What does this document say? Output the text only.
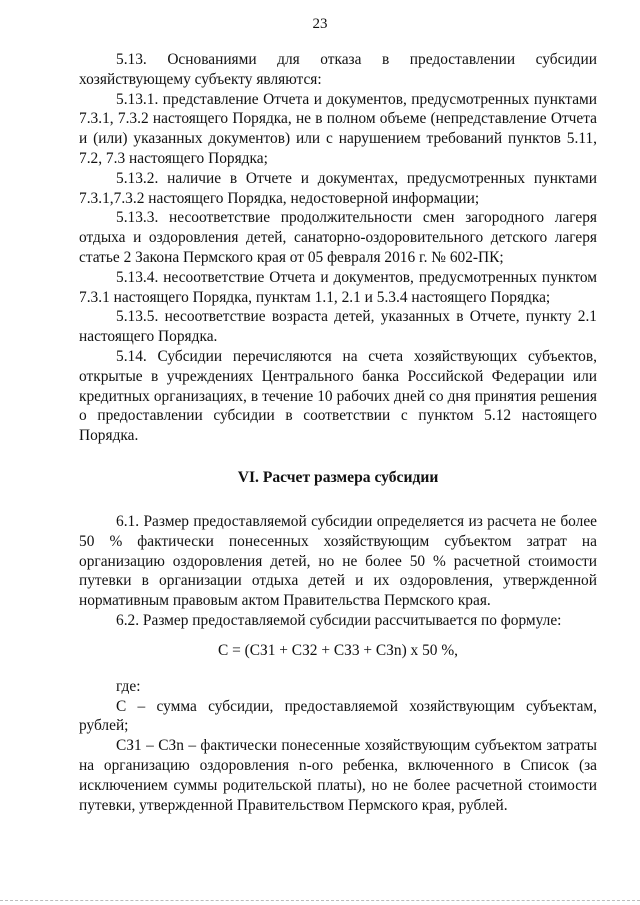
23

5.13. Основаниями для отказа в предоставлении субсидии хозяйствующему субъекту являются:

5.13.1. представление Отчета и документов, предусмотренных пунктами 7.3.1, 7.3.2 настоящего Порядка, не в полном объеме (непредставление Отчета и (или) указанных документов) или с нарушением требований пунктов 5.11, 7.2, 7.3 настоящего Порядка;

5.13.2. наличие в Отчете и документах, предусмотренных пунктами 7.3.1,7.3.2 настоящего Порядка, недостоверной информации;

5.13.3. несоответствие продолжительности смен загородного лагеря отдыха и оздоровления детей, санаторно-оздоровительного детского лагеря статье 2 Закона Пермского края от 05 февраля 2016 г. № 602-ПК;

5.13.4. несоответствие Отчета и документов, предусмотренных пунктом 7.3.1 настоящего Порядка, пунктам 1.1, 2.1 и 5.3.4 настоящего Порядка;

5.13.5. несоответствие возраста детей, указанных в Отчете, пункту 2.1 настоящего Порядка.

5.14. Субсидии перечисляются на счета хозяйствующих субъектов, открытые в учреждениях Центрального банка Российской Федерации или кредитных организациях, в течение 10 рабочих дней со дня принятия решения о предоставлении субсидии в соответствии с пунктом 5.12 настоящего Порядка.

VI. Расчет размера субсидии

6.1. Размер предоставляемой субсидии определяется из расчета не более 50 % фактически понесенных хозяйствующим субъектом затрат на организацию оздоровления детей, но не более 50 % расчетной стоимости путевки в организации отдыха детей и их оздоровления, утвержденной нормативным правовым актом Правительства Пермского края.

6.2. Размер предоставляемой субсидии рассчитывается по формуле:

С = (СЗ1 + СЗ2 + СЗ3 + СЗn) х 50 %,
где:

С – сумма субсидии, предоставляемой хозяйствующим субъектам, рублей;

СЗ1 – СЗn – фактически понесенные хозяйствующим субъектом затраты на организацию оздоровления n-ого ребенка, включенного в Список (за исключением суммы родительской платы), но не более расчетной стоимости путевки, утвержденной Правительством Пермского края, рублей.
